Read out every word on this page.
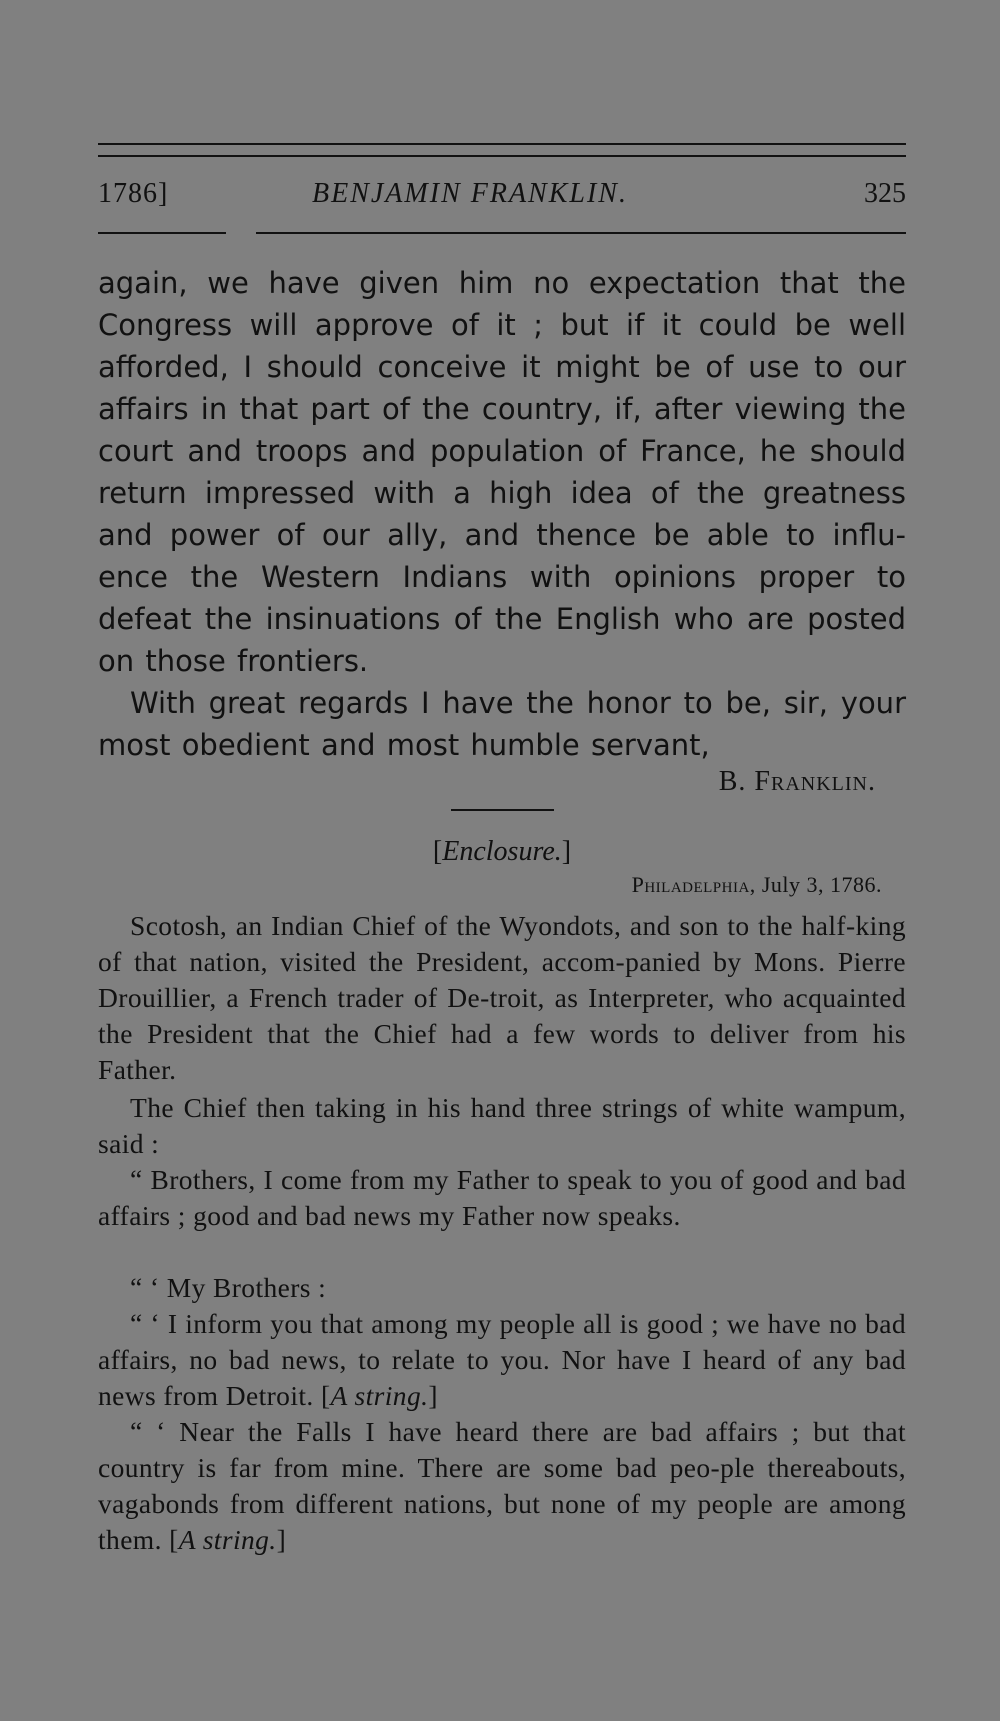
1786]	BENJAMIN FRANKLIN.	325

again, we have given him no expectation that the Congress will approve of it ; but if it could be well afforded, I should conceive it might be of use to our affairs in that part of the country, if, after viewing the court and troops and population of France, he should return impressed with a high idea of the greatness and power of our ally, and thence be able to influ-ence the Western Indians with opinions proper to defeat the insinuations of the English who are posted on those frontiers.

With great regards I have the honor to be, sir, your most obedient and most humble servant,

B. Franklin.
[Enclosure.]
Philadelphia, July 3, 1786.

Scotosh, an Indian Chief of the Wyondots, and son to the half-king of that nation, visited the President, accom-panied by Mons. Pierre Drouillier, a French trader of De-troit, as Interpreter, who acquainted the President that the Chief had a few words to deliver from his Father.

The Chief then taking in his hand three strings of white wampum, said :

“ Brothers, I come from my Father to speak to you of good and bad affairs ; good and bad news my Father now speaks.

“ ‘ My Brothers :

“ ‘ I inform you that among my people all is good ; we have no bad affairs, no bad news, to relate to you. Nor have I heard of any bad news from Detroit. [A string.]

“ ‘ Near the Falls I have heard there are bad affairs ; but that country is far from mine. There are some bad peo-ple thereabouts, vagabonds from different nations, but none of my people are among them. [A string.]
